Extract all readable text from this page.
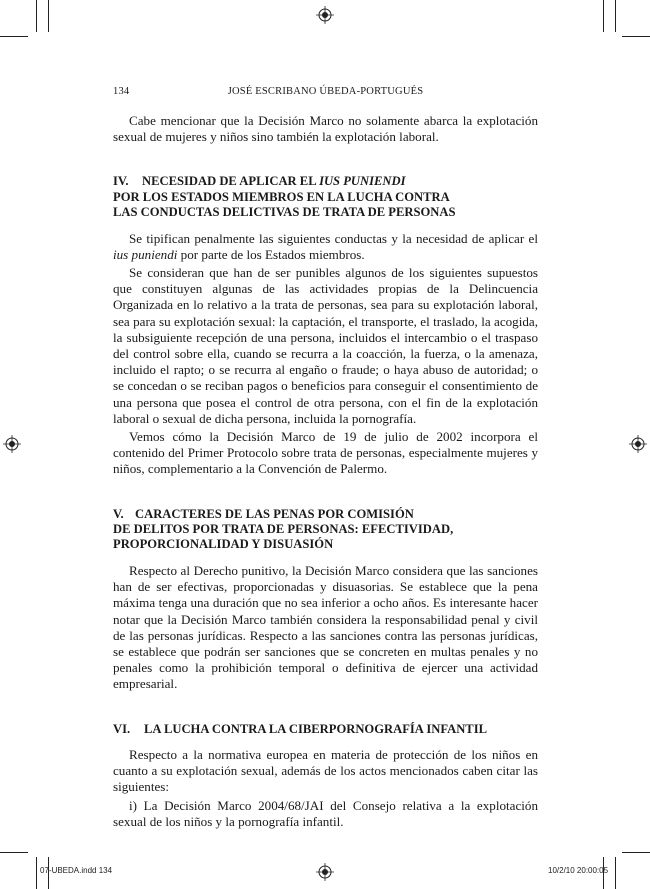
134	JOSÉ ESCRIBANO ÚBEDA-PORTUGUÉS

Cabe mencionar que la Decisión Marco no solamente abarca la explotación sexual de mujeres y niños sino también la explotación laboral.

IV. NECESIDAD DE APLICAR EL IUS PUNIENDI
POR LOS ESTADOS MIEMBROS EN LA LUCHA CONTRA
LAS CONDUCTAS DELICTIVAS DE TRATA DE PERSONAS

Se tipifican penalmente las siguientes conductas y la necesidad de aplicar el ius puniendi por parte de los Estados miembros.

Se consideran que han de ser punibles algunos de los siguientes supuestos que constituyen algunas de las actividades propias de la Delincuencia Organizada en lo relativo a la trata de personas, sea para su explotación laboral, sea para su explotación sexual: la captación, el transporte, el traslado, la acogida, la subsiguiente recepción de una persona, incluidos el intercambio o el traspaso del control sobre ella, cuando se recurra a la coacción, la fuerza, o la amenaza, incluido el rapto; o se recurra al engaño o fraude; o haya abuso de autoridad; o se concedan o se reciban pagos o beneficios para conseguir el consentimiento de una persona que posea el control de otra persona, con el fin de la explotación laboral o sexual de dicha persona, incluida la pornografía.

Vemos cómo la Decisión Marco de 19 de julio de 2002 incorpora el contenido del Primer Protocolo sobre trata de personas, especialmente mujeres y niños, complementario a la Convención de Palermo.

V. CARACTERES DE LAS PENAS POR COMISIÓN
DE DELITOS POR TRATA DE PERSONAS: EFECTIVIDAD,
PROPORCIONALIDAD Y DISUASIÓN

Respecto al Derecho punitivo, la Decisión Marco considera que las sanciones han de ser efectivas, proporcionadas y disuasorias. Se establece que la pena máxima tenga una duración que no sea inferior a ocho años. Es interesante hacer notar que la Decisión Marco también considera la responsabilidad penal y civil de las personas jurídicas. Respecto a las sanciones contra las personas jurídicas, se establece que podrán ser sanciones que se concreten en multas penales y no penales como la prohibición temporal o definitiva de ejercer una actividad empresarial.

VI. LA LUCHA CONTRA LA CIBERPORNOGRAFÍA INFANTIL

Respecto a la normativa europea en materia de protección de los niños en cuanto a su explotación sexual, además de los actos mencionados caben citar las siguientes:

i) La Decisión Marco 2004/68/JAI del Consejo relativa a la explotación sexual de los niños y la pornografía infantil.

07-UBEDA.indd 134	10/2/10 20:00:05
